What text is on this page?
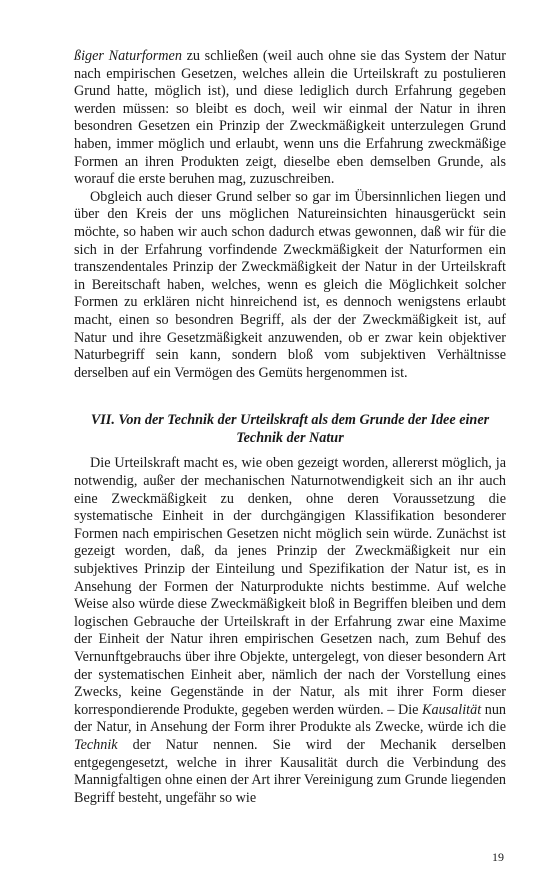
ßiger Naturformen zu schließen (weil auch ohne sie das System der Natur nach empirischen Gesetzen, welches allein die Urteilskraft zu postulieren Grund hatte, möglich ist), und diese lediglich durch Erfahrung gegeben werden müssen: so bleibt es doch, weil wir einmal der Natur in ihren besondren Gesetzen ein Prinzip der Zweckmäßigkeit unterzulegen Grund haben, immer möglich und erlaubt, wenn uns die Erfahrung zweckmäßige Formen an ihren Produkten zeigt, dieselbe eben demselben Grunde, als worauf die erste beruhen mag, zuzuschreiben.

Obgleich auch dieser Grund selber so gar im Übersinnlichen liegen und über den Kreis der uns möglichen Natureinsichten hinausgerückt sein möchte, so haben wir auch schon dadurch etwas gewonnen, daß wir für die sich in der Erfahrung vorfindende Zweckmäßigkeit der Naturformen ein transzendentales Prinzip der Zweckmäßigkeit der Natur in der Urteilskraft in Bereitschaft haben, welches, wenn es gleich die Möglichkeit solcher Formen zu erklären nicht hinreichend ist, es dennoch wenigstens erlaubt macht, einen so besondren Begriff, als der der Zweckmäßigkeit ist, auf Natur und ihre Gesetzmäßigkeit anzuwenden, ob er zwar kein objektiver Naturbegriff sein kann, sondern bloß vom subjektiven Verhältnisse derselben auf ein Vermögen des Gemüts hergenommen ist.

VII. Von der Technik der Urteilskraft als dem Grunde der Idee einer
Technik der Natur

Die Urteilskraft macht es, wie oben gezeigt worden, allererst möglich, ja notwendig, außer der mechanischen Naturnotwendigkeit sich an ihr auch eine Zweckmäßigkeit zu denken, ohne deren Voraussetzung die systematische Einheit in der durchgängigen Klassifikation besonderer Formen nach empirischen Gesetzen nicht möglich sein würde. Zunächst ist gezeigt worden, daß, da jenes Prinzip der Zweckmäßigkeit nur ein subjektives Prinzip der Einteilung und Spezifikation der Natur ist, es in Ansehung der Formen der Naturprodukte nichts bestimme. Auf welche Weise also würde diese Zweckmäßigkeit bloß in Begriffen bleiben und dem logischen Gebrauche der Urteilskraft in der Erfahrung zwar eine Maxime der Einheit der Natur ihren empirischen Gesetzen nach, zum Behuf des Vernunftgebrauchs über ihre Objekte, untergelegt, von dieser besondern Art der systematischen Einheit aber, nämlich der nach der Vorstellung eines Zwecks, keine Gegenstände in der Natur, als mit ihrer Form dieser korrespondierende Produkte, gegeben werden würden. – Die Kausalität nun der Natur, in Ansehung der Form ihrer Produkte als Zwecke, würde ich die Technik der Natur nennen. Sie wird der Mechanik derselben entgegengesetzt, welche in ihrer Kausalität durch die Verbindung des Mannigfaltigen ohne einen der Art ihrer Vereinigung zum Grunde liegenden Begriff besteht, ungefähr so wie

19
